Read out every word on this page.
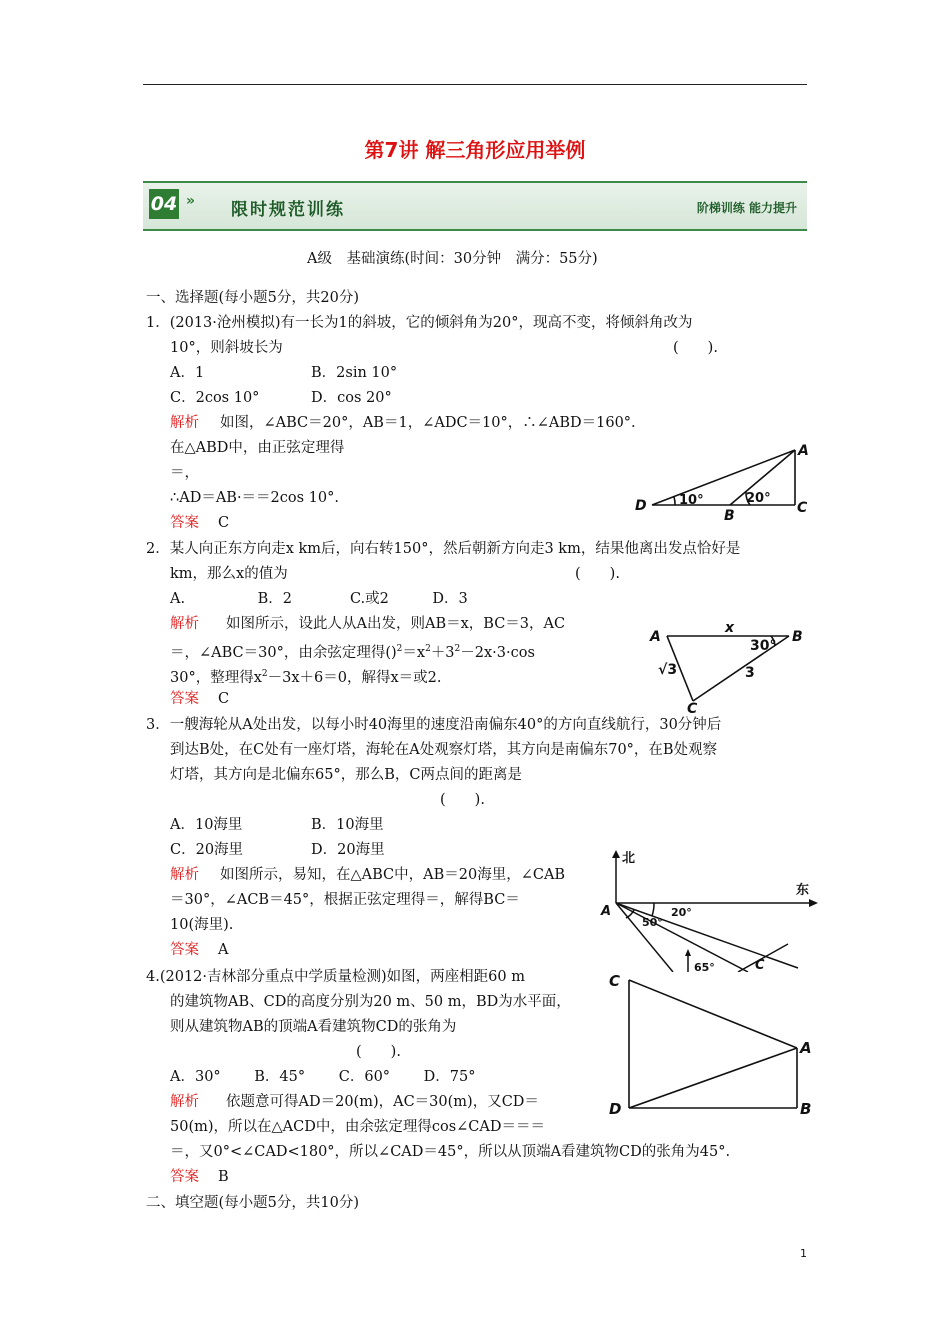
第7讲 解三角形应用举例
04 » 限时规范训练	阶梯训练 能力提升
A级　基础演练(时间：30分钟　满分：55分)
一、选择题(每小题5分，共20分)
1．(2013·沧州模拟)有一长为1的斜坡，它的倾斜角为20°，现高不变，将倾斜角改为
10°，则斜坡长为	(　　).
A．1	B．2sin 10°
C．2cos 10°	D．cos 20°
解析 如图，∠ABC＝20°，AB＝1，∠ADC＝10°，∴∠ABD＝160°.
在△ABD中，由正弦定理得
＝，
∴AD＝AB·＝＝2cos 10°.
答案 C
A
B	C
D 10°	20°
2．某人向正东方向走x km后，向右转150°，然后朝新方向走3 km，结果他离出发点恰好是
km，那么x的值为	(　　).
A.　　　　　B．2　　　　C.或2　　　D．3
解析 如图所示，设此人从A出发，则AB＝x，BC＝3，AC
＝，∠ABC＝30°，由余弦定理得$()^2=x^2+3^2-2x\cdot 3\cdot\cos$
30°，整理得$x^2-3x+6=0$，解得x＝或2.
答案 C
A	B
C
x
30°
3
√3
3．一艘海轮从A处出发，以每小时40海里的速度沿南偏东40°的方向直线航行，30分钟后
到达B处，在C处有一座灯塔，海轮在A处观察灯塔，其方向是南偏东70°，在B处观察
灯塔，其方向是北偏东65°，那么B，C两点间的距离是
(　　).
A．10海里	B．10海里
C．20海里	D．20海里
解析 如图所示，易知，在△ABC中，AB＝20海里，∠CAB
＝30°，∠ACB＝45°，根据正弦定理得＝，解得BC＝
10(海里).
答案 A
北
东
A
C
50°
20°
65°
4.(2012·吉林部分重点中学质量检测)如图，两座相距60 m
的建筑物AB、CD的高度分别为20 m、50 m，BD为水平面，
则从建筑物AB的顶端A看建筑物CD的张角为
(　　).
A．30°　　 B．45°　　 C．60°　　 D．75°
解析 依题意可得AD＝20(m)，AC＝30(m)，又CD＝
50(m)，所以在△ACD中，由余弦定理得cos∠CAD＝＝＝
＝，又0°<∠CAD<180°，所以∠CAD＝45°，所以从顶端A看建筑物CD的张角为45°.
答案 B
C
D
A
B
二、填空题(每小题5分，共10分)
1
